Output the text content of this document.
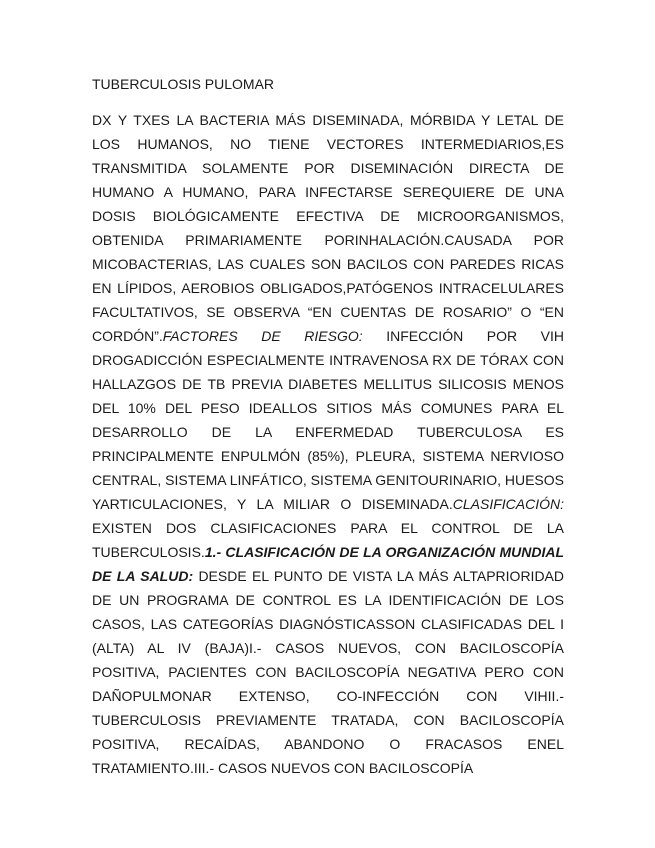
TUBERCULOSIS PULOMAR

DX Y TXES LA BACTERIA MÁS DISEMINADA, MÓRBIDA Y LETAL DE LOS HUMANOS, NO TIENE VECTORES INTERMEDIARIOS,ES TRANSMITIDA SOLAMENTE POR DISEMINACIÓN DIRECTA DE HUMANO A HUMANO, PARA INFECTARSE SEREQUIERE DE UNA DOSIS BIOLÓGICAMENTE EFECTIVA DE MICROORGANISMOS, OBTENIDA PRIMARIAMENTE PORINHALACIÓN.CAUSADA POR MICOBACTERIAS, LAS CUALES SON BACILOS CON PAREDES RICAS EN LÍPIDOS, AEROBIOS OBLIGADOS,PATÓGENOS INTRACELULARES FACULTATIVOS, SE OBSERVA “EN CUENTAS DE ROSARIO” O “EN CORDÓN”.FACTORES DE RIESGO: INFECCIÓN POR VIH DROGADICCIÓN ESPECIALMENTE INTRAVENOSA RX DE TÓRAX CON HALLAZGOS DE TB PREVIA DIABETES MELLITUS SILICOSIS MENOS DEL 10% DEL PESO IDEALLOS SITIOS MÁS COMUNES PARA EL DESARROLLO DE LA ENFERMEDAD TUBERCULOSA ES PRINCIPALMENTE ENPULMÓN (85%), PLEURA, SISTEMA NERVIOSO CENTRAL, SISTEMA LINFÁTICO, SISTEMA GENITOURINARIO, HUESOS YARTICULACIONES, Y LA MILIAR O DISEMINADA.CLASIFICACIÓN: EXISTEN DOS CLASIFICACIONES PARA EL CONTROL DE LA TUBERCULOSIS.1.- CLASIFICACIÓN DE LA ORGANIZACIÓN MUNDIAL DE LA SALUD: DESDE EL PUNTO DE VISTA LA MÁS ALTAPRIORIDAD DE UN PROGRAMA DE CONTROL ES LA IDENTIFICACIÓN DE LOS CASOS, LAS CATEGORÍAS DIAGNÓSTICASSON CLASIFICADAS DEL I (ALTA) AL IV (BAJA)I.- CASOS NUEVOS, CON BACILOSCOPÍA POSITIVA, PACIENTES CON BACILOSCOPÍA NEGATIVA PERO CON DAÑOPULMONAR EXTENSO, CO-INFECCIÓN CON VIHII.- TUBERCULOSIS PREVIAMENTE TRATADA, CON BACILOSCOPÍA POSITIVA, RECAÍDAS, ABANDONO O FRACASOS ENEL TRATAMIENTO.III.- CASOS NUEVOS CON BACILOSCOPÍA
